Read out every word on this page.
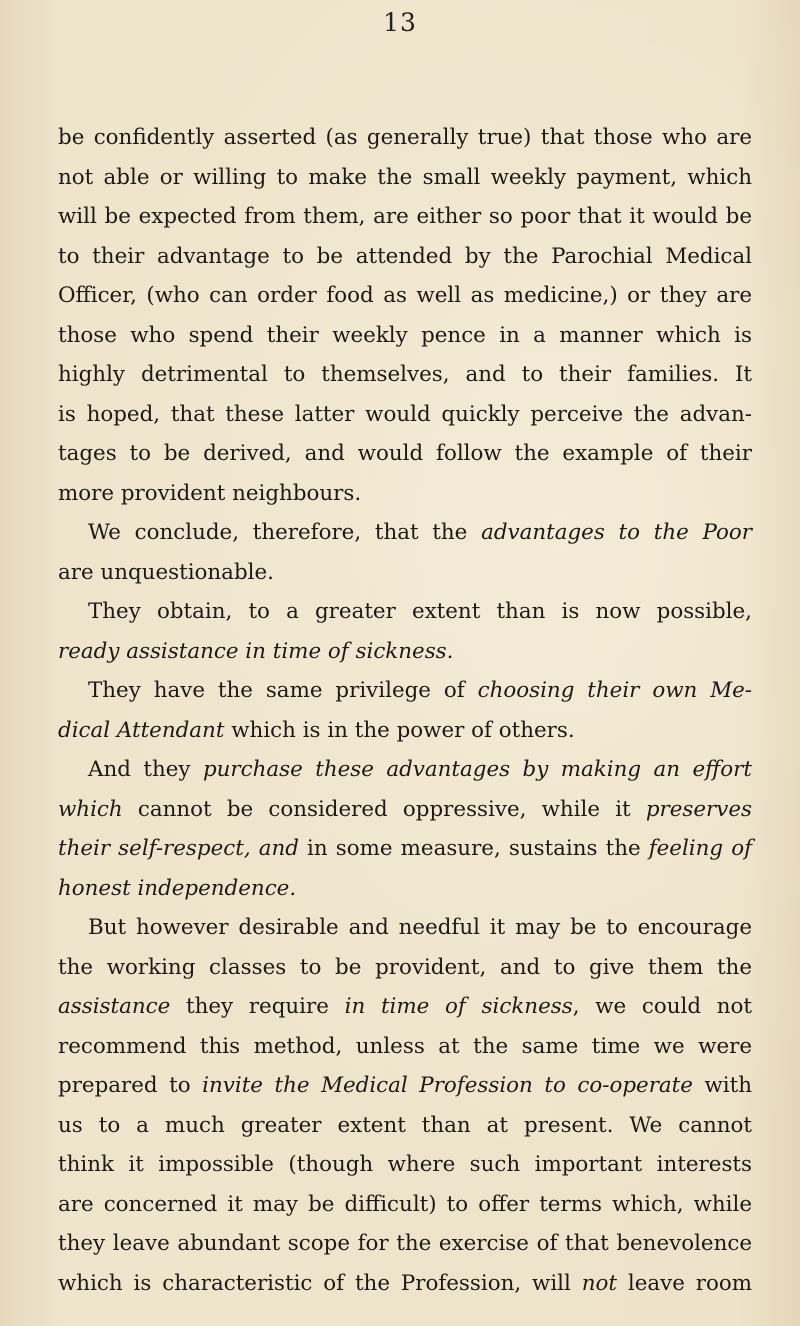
13
be confidently asserted (as generally true) that those who are
not able or willing to make the small weekly payment, which
will be expected from them, are either so poor that it would be
to their advantage to be attended by the Parochial Medical
Officer, (who can order food as well as medicine,) or they are
those who spend their weekly pence in a manner which is
highly detrimental to themselves, and to their families. It
is hoped, that these latter would quickly perceive the advan-
tages to be derived, and would follow the example of their
more provident neighbours.
We conclude, therefore, that the advantages to the Poor
are unquestionable.
They obtain, to a greater extent than is now possible,
ready assistance in time of sickness.
They have the same privilege of choosing their own Me-
dical Attendant which is in the power of others.
And they purchase these advantages by making an effort
which cannot be considered oppressive, while it preserves
their self-respect, and in some measure, sustains the feeling of
honest independence.
But however desirable and needful it may be to encourage
the working classes to be provident, and to give them the
assistance they require in time of sickness, we could not
recommend this method, unless at the same time we were
prepared to invite the Medical Profession to co-operate with
us to a much greater extent than at present. We cannot
think it impossible (though where such important interests
are concerned it may be difficult) to offer terms which, while
they leave abundant scope for the exercise of that benevolence
which is characteristic of the Profession, will not leave room
